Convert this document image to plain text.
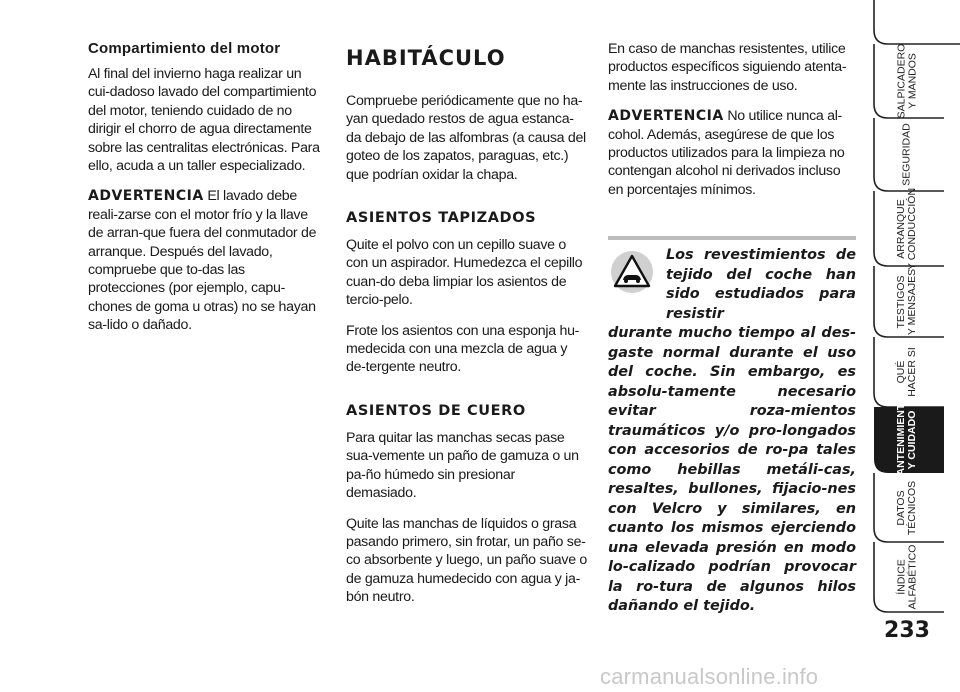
Compartimiento del motor

Al final del invierno haga realizar un cui-dadoso lavado del compartimiento del motor, teniendo cuidado de no dirigir el chorro de agua directamente sobre las centralitas electrónicas. Para ello, acuda a un taller especializado.

ADVERTENCIA El lavado debe reali-zarse con el motor frío y la llave de arran-que fuera del conmutador de arranque. Después del lavado, compruebe que to-das las protecciones (por ejemplo, capu-chones de goma u otras) no se hayan sa-lido o dañado.

HABITÁCULO

Compruebe periódicamente que no ha-yan quedado restos de agua estanca-da debajo de las alfombras (a causa del goteo de los zapatos, paraguas, etc.) que podrían oxidar la chapa.

ASIENTOS TAPIZADOS

Quite el polvo con un cepillo suave o con un aspirador. Humedezca el cepillo cuan-do deba limpiar los asientos de tercio-pelo.

Frote los asientos con una esponja hu-medecida con una mezcla de agua y de-tergente neutro.

ASIENTOS DE CUERO

Para quitar las manchas secas pase sua-vemente un paño de gamuza o un pa-ño húmedo sin presionar demasiado.

Quite las manchas de líquidos o grasa pasando primero, sin frotar, un paño se-co absorbente y luego, un paño suave o de gamuza humedecido con agua y ja-bón neutro.

En caso de manchas resistentes, utilice productos específicos siguiendo atenta-mente las instrucciones de uso.

ADVERTENCIA No utilice nunca al-cohol. Además, asegúrese de que los productos utilizados para la limpieza no contengan alcohol ni derivados incluso en porcentajes mínimos.

Los revestimientos de tejido del coche han sido estudiados para resistir
durante mucho tiempo al des-gaste normal durante el uso del coche. Sin embargo, es absolu-tamente necesario evitar roza-mientos traumáticos y/o pro-longados con accesorios de ro-pa tales como hebillas metáli-cas, resaltes, bullones, fijacio-nes con Velcro y similares, en cuanto los mismos ejerciendo una elevada presión en modo lo-calizado podrían provocar la ro-tura de algunos hilos dañando el tejido.
SALPICADERO
Y MANDOS
SEGURIDAD
ARRANQUE
Y CONDUCCIÓN
TESTIGOS
Y MENSAJES
QUÉ
HACER SI
MANTENIMIENTO
Y CUIDADO
DATOS
TÉCNICOS
ÍNDICE
ALFABÉTICO
233
carmanualsonline.info
